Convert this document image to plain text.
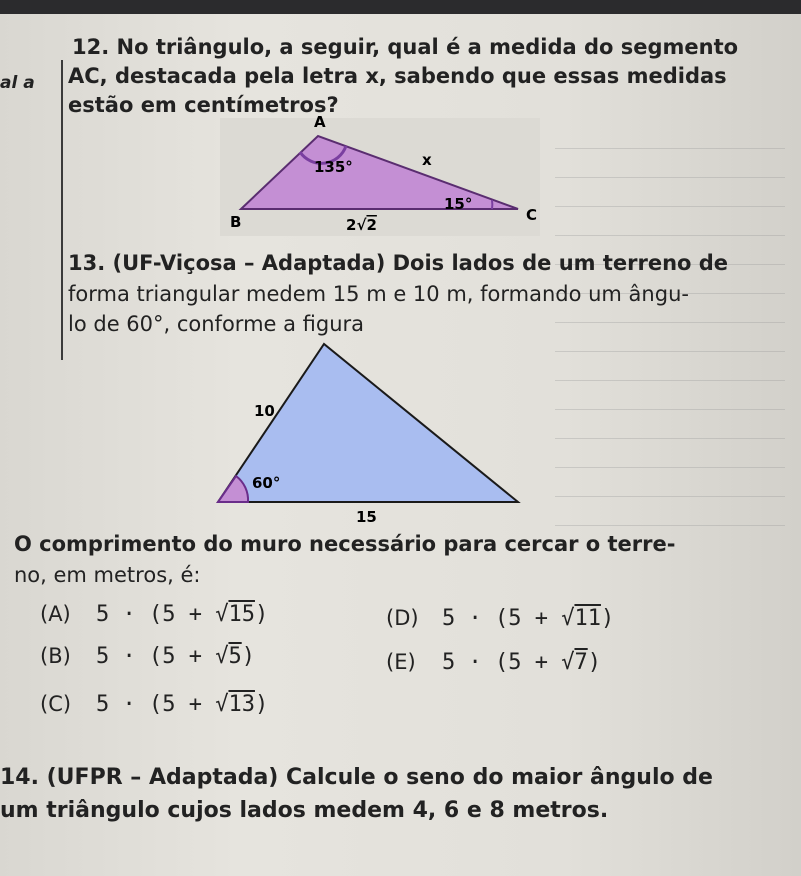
al a
12. No triângulo, a seguir, qual é a medida do segmento
AC, destacada pela letra x, sabendo que essas medidas
estão em centímetros?
A
B	C
135°
15°
x
2√2
13. (UF-Viçosa – Adaptada) Dois lados de um terreno de
forma triangular medem 15 m e 10 m, formando um ângu-
lo de 60°, conforme a figura
10
60°
15
O comprimento do muro necessário para cercar o terre-
no, em metros, é:
(A) 5 · (5 + √15)	(D) 5 · (5 + √11)
(B) 5 · (5 + √5)	(E) 5 · (5 + √7)
(C) 5 · (5 + √13)
14. (UFPR – Adaptada) Calcule o seno do maior ângulo de
um triângulo cujos lados medem 4, 6 e 8 metros.
